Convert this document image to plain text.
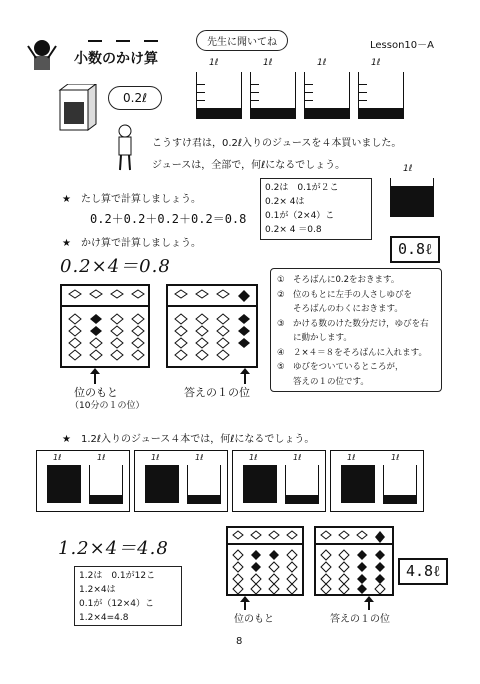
小数のかけ算
先生に聞いてね	Lesson10－A
1ℓ	1ℓ	1ℓ	1ℓ
0.2ℓ
こうすけ君は，0.2ℓ入りのジュースを４本買いました。
ジュースは，全部で，何ℓになるでしょう。	1ℓ
0.8ℓ
★　たし算で計算しましょう。
0.2＋0.2＋0.2＋0.2＝0.8
★　かけ算で計算しましょう。
0.2×4＝0.8
0.2は　0.1が２こ
0.2× 4は
0.1が（2×4）こ
0.2× 4 ＝0.8
位のもと
（10分の１の位）
答えの１の位
① そろばんに0.2をおきます。
② 位のもとに左手の人さしゆびを
そろばんのわくにおきます。
③ かける数のけた数分だけ，ゆびを右
に動かします。
④ ２×４＝８をそろばんに入れます。
⑤ ゆびをついているところが，
答えの１の位です。
★　1.2ℓ入りのジュース４本では，何ℓになるでしょう。
1ℓ	1ℓ	1ℓ	1ℓ	1ℓ	1ℓ	1ℓ	1ℓ
1.2×4＝4.8
1.2は　0.1が12こ
1.2×4は
0.1が（12×4）こ
1.2×4=4.8	位のもと	答えの１の位
4.8ℓ
8
